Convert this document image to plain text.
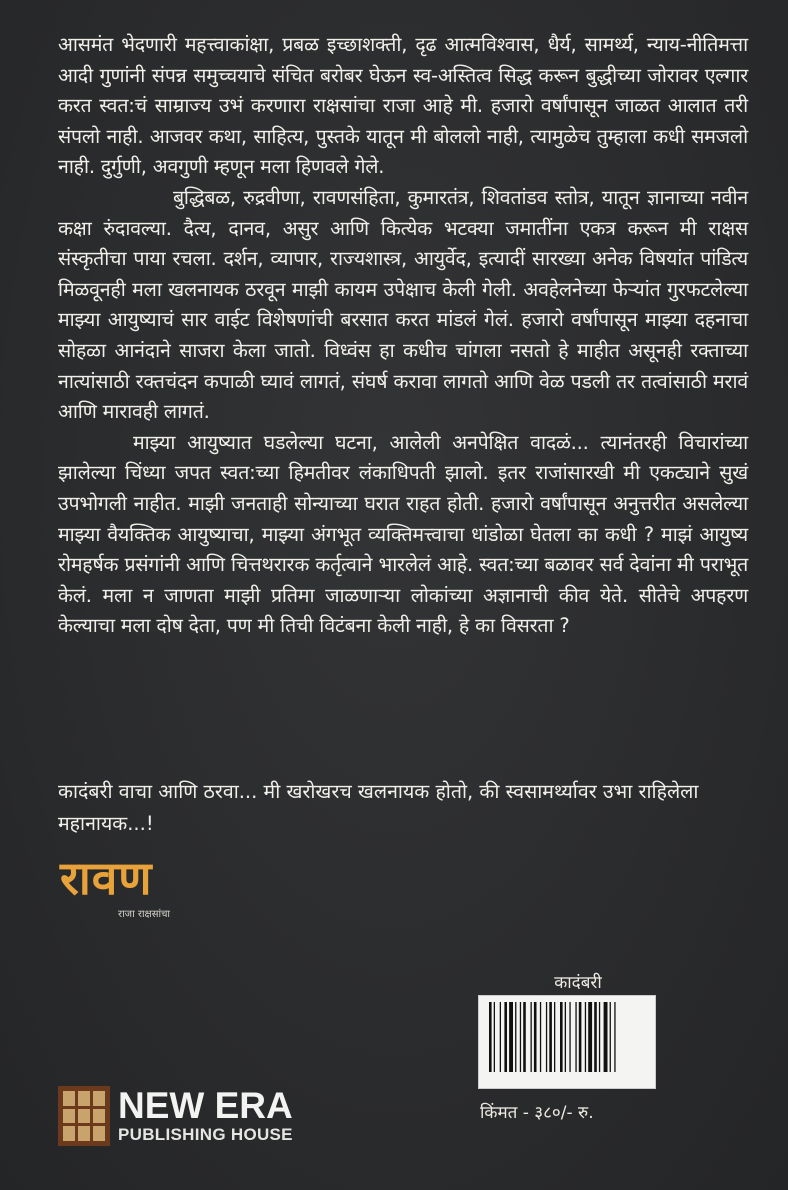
आसमंत भेदणारी महत्त्वाकांक्षा, प्रबळ इच्छाशक्ती, दृढ आत्मविश्वास, धैर्य, सामर्थ्य, न्याय-नीतिमत्ता आदी गुणांनी संपन्न समुच्चयाचे संचित बरोबर घेऊन स्व-अस्तित्व सिद्ध करून बुद्धीच्या जोरावर एल्गार करत स्वत:चं साम्राज्य उभं करणारा राक्षसांचा राजा आहे मी. हजारो वर्षांपासून जाळत आलात तरी संपलो नाही. आजवर कथा, साहित्य, पुस्तके यातून मी बोललो नाही, त्यामुळेच तुम्हाला कधी समजलो नाही. दुर्गुणी, अवगुणी म्हणून मला हिणवले गेले.

बुद्धिबळ, रुद्रवीणा, रावणसंहिता, कुमारतंत्र, शिवतांडव स्तोत्र, यातून ज्ञानाच्या नवीन कक्षा रुंदावल्या. दैत्य, दानव, असुर आणि कित्येक भटक्या जमातींना एकत्र करून मी राक्षस संस्कृतीचा पाया रचला. दर्शन, व्यापार, राज्यशास्त्र, आयुर्वेद, इत्यादीं सारख्या अनेक विषयांत पांडित्य मिळवूनही मला खलनायक ठरवून माझी कायम उपेक्षाच केली गेली. अवहेलनेच्या फेऱ्यांत गुरफटलेल्या माझ्या आयुष्याचं सार वाईट विशेषणांची बरसात करत मांडलं गेलं. हजारो वर्षांपासून माझ्या दहनाचा सोहळा आनंदाने साजरा केला जातो. विध्वंस हा कधीच चांगला नसतो हे माहीत असूनही रक्ताच्या नात्यांसाठी रक्तचंदन कपाळी घ्यावं लागतं, संघर्ष करावा लागतो आणि वेळ पडली तर तत्वांसाठी मरावं आणि मारावही लागतं.

माझ्या आयुष्यात घडलेल्या घटना, आलेली अनपेक्षित वादळं... त्यानंतरही विचारांच्या झालेल्या चिंध्या जपत स्वत:च्या हिमतीवर लंकाधिपती झालो. इतर राजांसारखी मी एकट्याने सुखं उपभोगली नाहीत. माझी जनताही सोन्याच्या घरात राहत होती. हजारो वर्षांपासून अनुत्तरीत असलेल्या माझ्या वैयक्तिक आयुष्याचा, माझ्या अंगभूत व्यक्तिमत्त्वाचा धांडोळा घेतला का कधी ? माझं आयुष्य रोमहर्षक प्रसंगांनी आणि चित्तथरारक कर्तृत्वाने भारलेलं आहे. स्वत:च्या बळावर सर्व देवांना मी पराभूत केलं. मला न जाणता माझी प्रतिमा जाळणाऱ्या लोकांच्या अज्ञानाची कीव येते. सीतेचे अपहरण केल्याचा मला दोष देता, पण मी तिची विटंबना केली नाही, हे का विसरता ?

कादंबरी वाचा आणि ठरवा... मी खरोखरच खलनायक होतो, की स्वसामर्थ्यावर उभा राहिलेला महानायक...!
रावण
राजा राक्षसांचा
कादंबरी
किंमत - ३८०/- रु.
NEW ERA
PUBLISHING HOUSE
